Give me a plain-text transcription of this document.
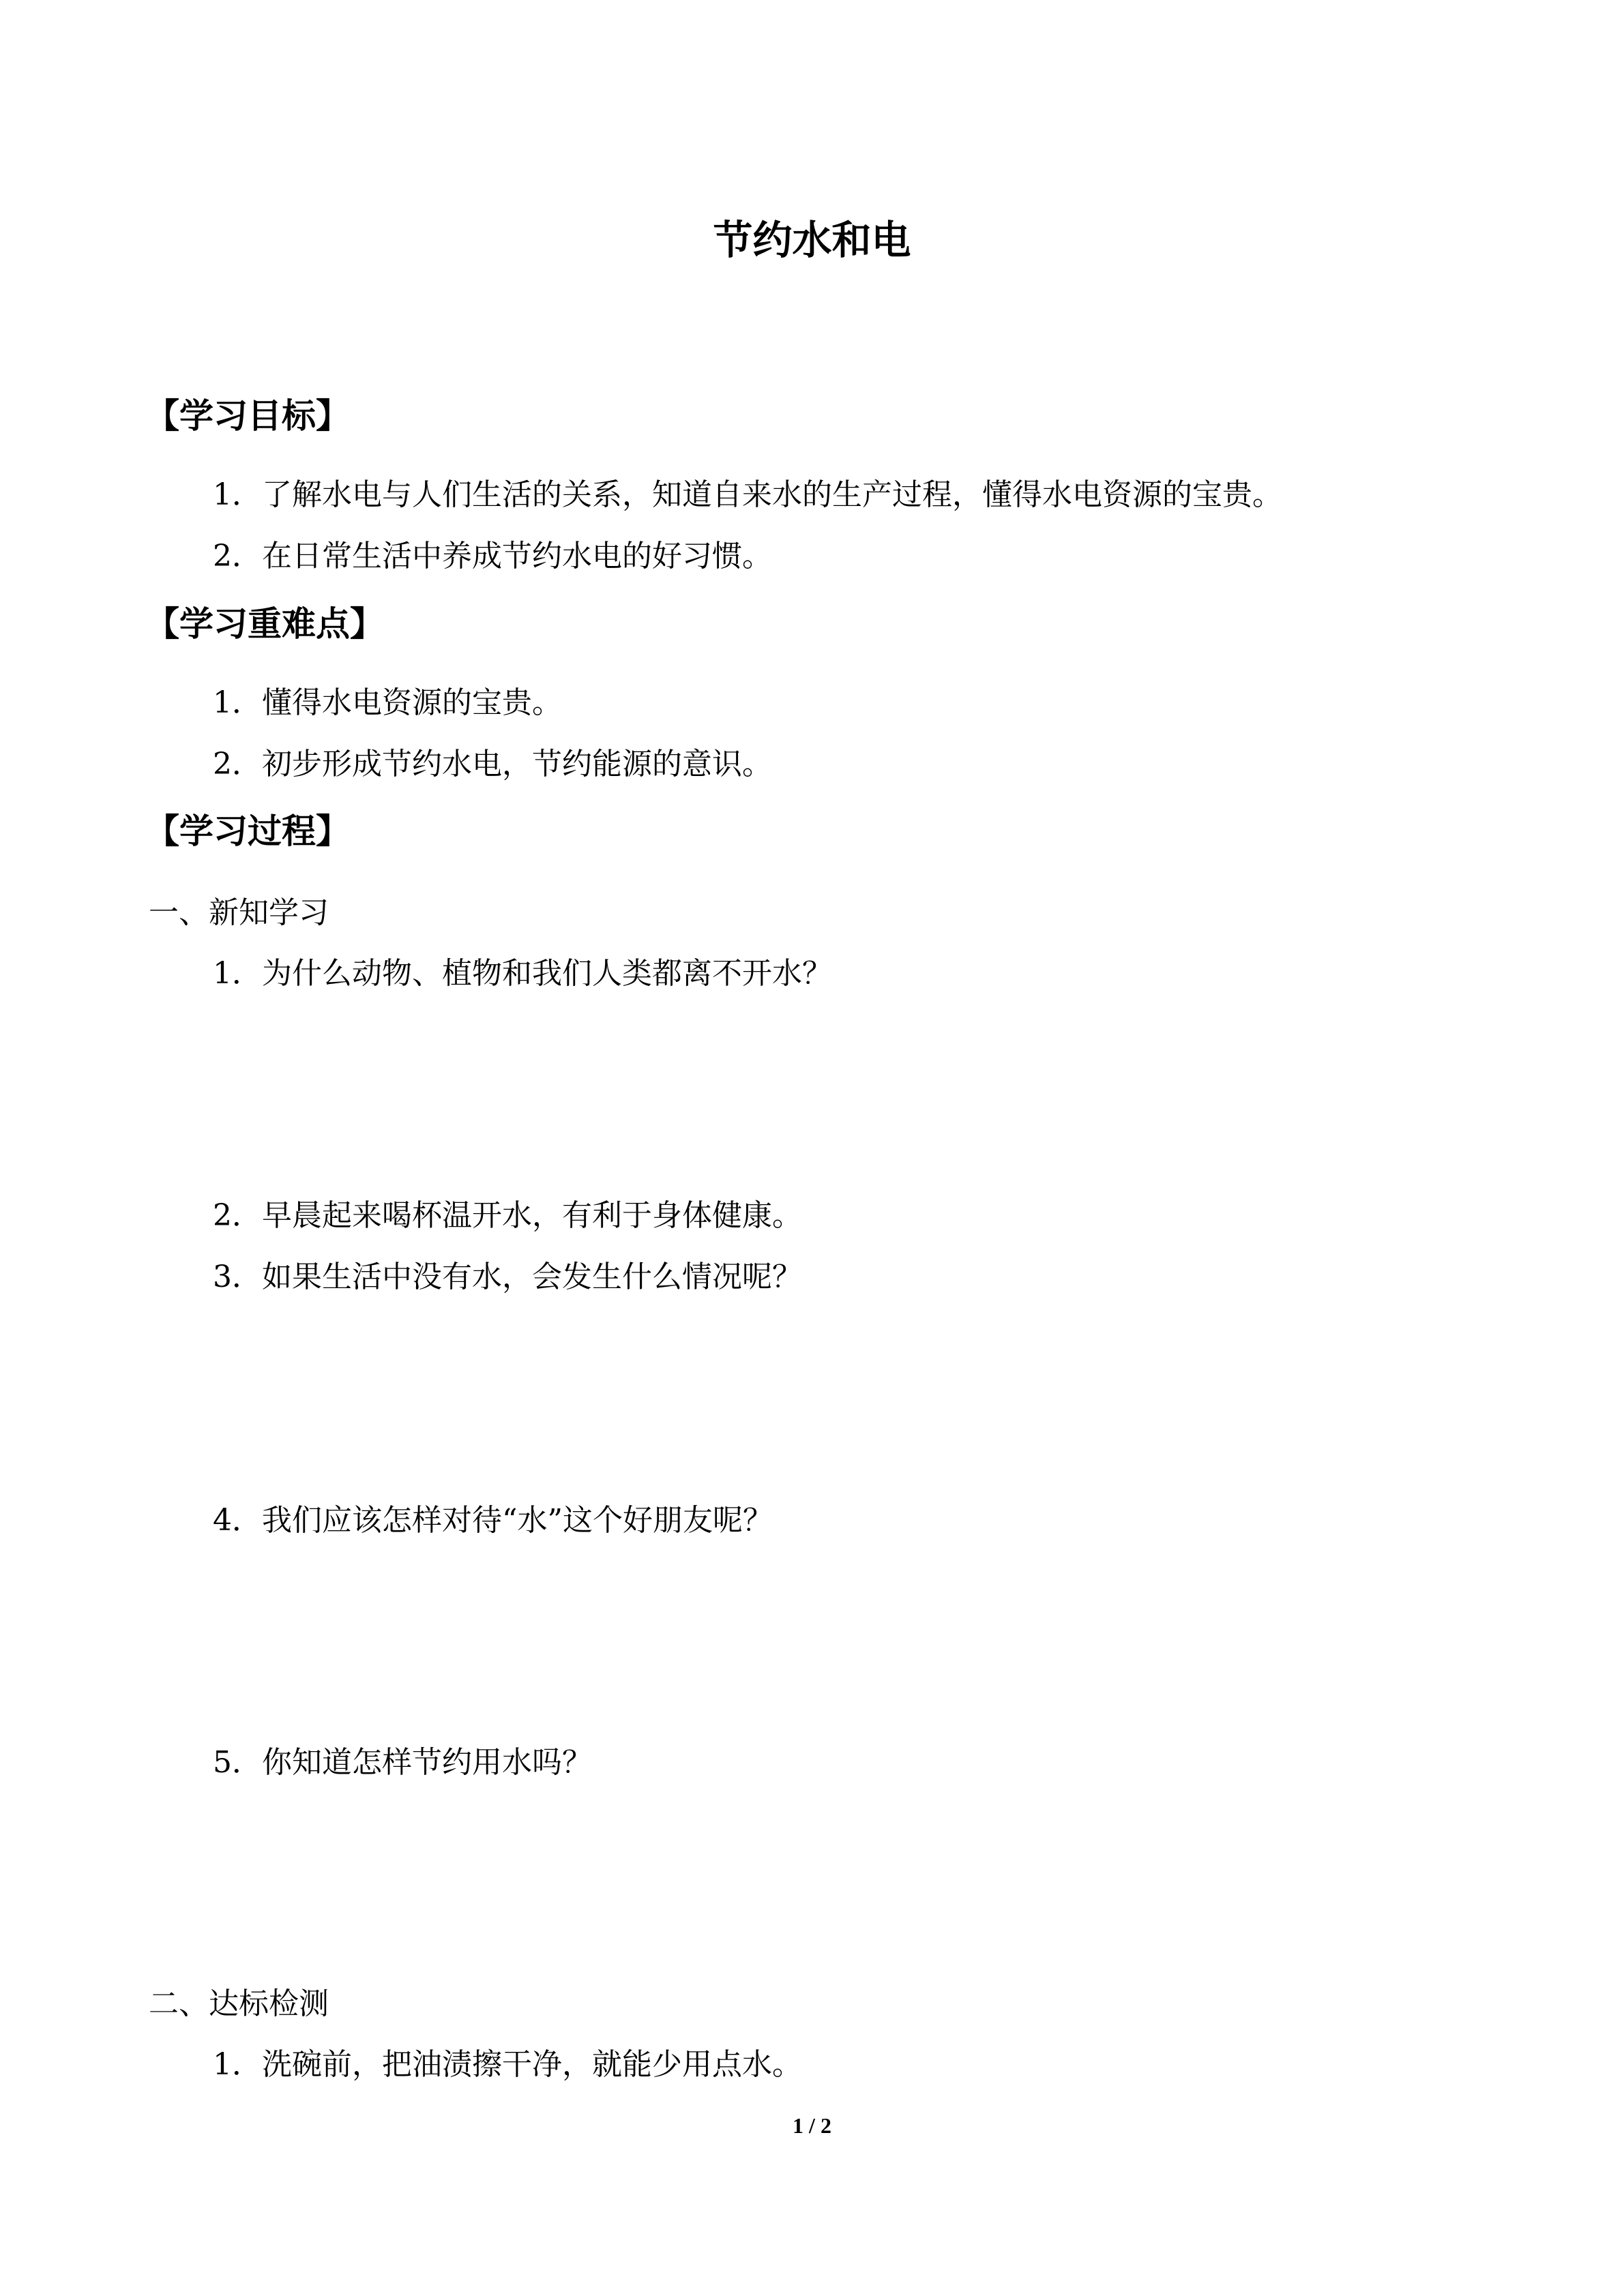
节约水和电
【学习目标】
1．了解水电与人们生活的关系，知道自来水的生产过程，懂得水电资源的宝贵。
2．在日常生活中养成节约水电的好习惯。
【学习重难点】
1．懂得水电资源的宝贵。
2．初步形成节约水电，节约能源的意识。
【学习过程】
一、新知学习
1．为什么动物、植物和我们人类都离不开水？
2．早晨起来喝杯温开水，有利于身体健康。
3．如果生活中没有水，会发生什么情况呢？
4．我们应该怎样对待“水”这个好朋友呢？
5．你知道怎样节约用水吗？
二、达标检测
1．洗碗前，把油渍擦干净，就能少用点水。
1 / 2
